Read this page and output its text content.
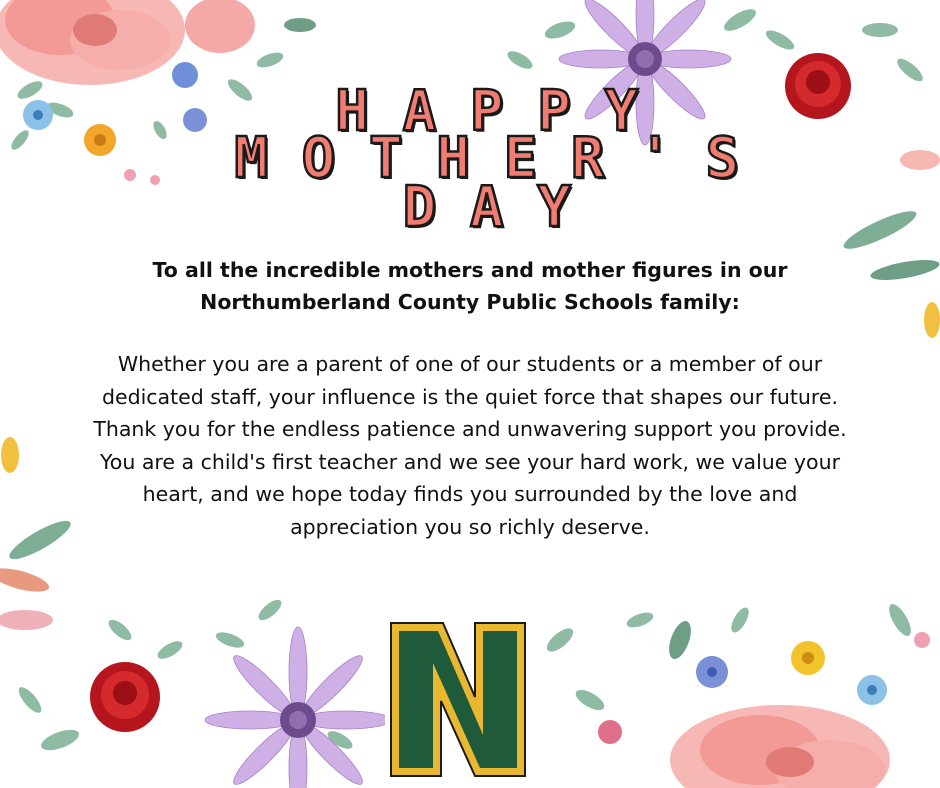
HAPPY
MOTHER'S
DAY
To all the incredible mothers and mother figures in our
Northumberland County Public Schools family:
Whether you are a parent of one of our students or a member of our
dedicated staff, your influence is the quiet force that shapes our future.
Thank you for the endless patience and unwavering support you provide.
You are a child's first teacher and we see your hard work, we value your
heart, and we hope today finds you surrounded by the love and
appreciation you so richly deserve.
